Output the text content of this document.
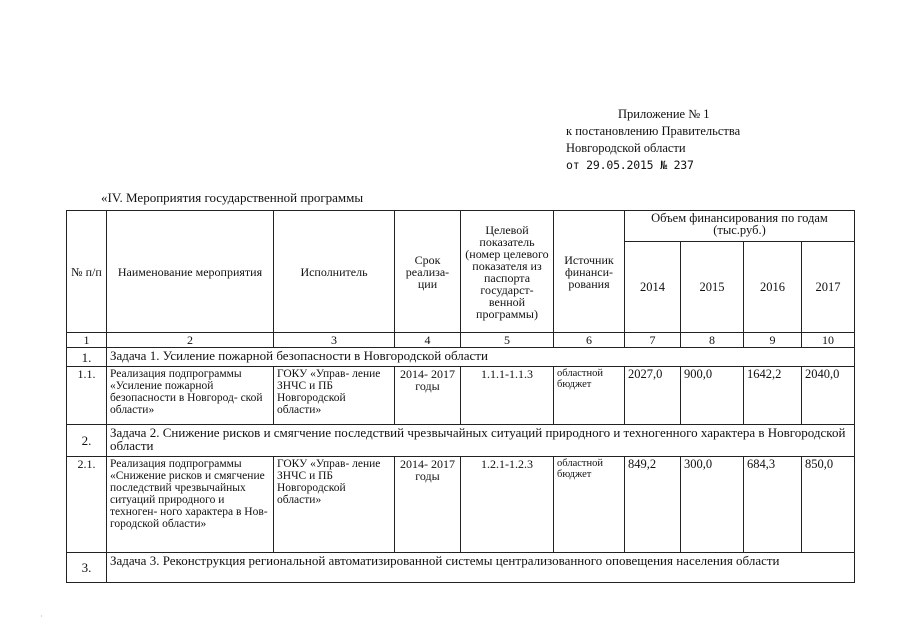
Приложение № 1
к постановлению Правительства
Новгородской области
от 29.05.2015 № 237
«IV. Мероприятия государственной программы
№ п/п	Наименование мероприятия	Исполнитель	Срок реализа- ции	Целевой показатель (номер целевого показателя из паспорта государст- венной программы)	Источник финанси- рования	Объем финансирования по годам (тыс.руб.)			
						2014	2015	2016	2017
1	2	3	4	5	6	7	8	9	10
1.	Задача 1. Усиление пожарной безопасности в Новгородской области								
1.1.	Реализация подпрограммы «Усиление пожарной безопасности в Новгород- ской области»	ГОКУ «Управ- ление ЗНЧС и ПБ Новгородской области»	2014- 2017 годы	1.1.1-1.1.3	областной бюджет	2027,0	900,0	1642,2	2040,0
2.	Задача 2. Снижение рисков и смягчение последствий чрезвычайных ситуаций природного и техногенного характера в Новгородской области								
2.1.	Реализация подпрограммы «Снижение рисков и смягчение последствий чрезвычайных ситуаций природного и техноген- ного характера в Нов- городской области»	ГОКУ «Управ- ление ЗНЧС и ПБ Новгородской области»	2014- 2017 годы	1.2.1-1.2.3	областной бюджет	849,2	300,0	684,3	850,0
3.	Задача 3. Реконструкция региональной автоматизированной системы централизованного оповещения населения области								
·
